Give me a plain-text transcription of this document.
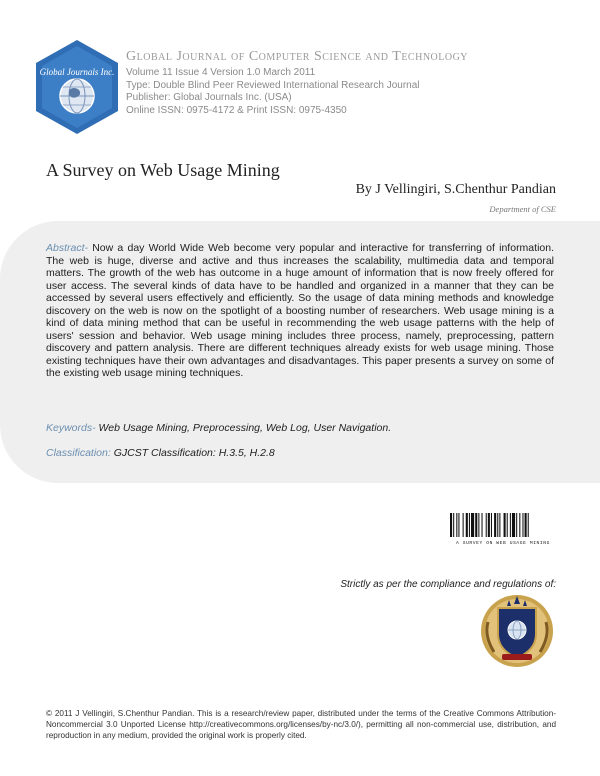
Global Journals Inc.
Global Journal of Computer Science and Technology
Volume 11 Issue 4 Version 1.0 March 2011
Type: Double Blind Peer Reviewed International Research Journal
Publisher: Global Journals Inc. (USA)
Online ISSN: 0975-4172 & Print ISSN: 0975-4350
A Survey on Web Usage Mining
By J Vellingiri, S.Chenthur Pandian
Department of CSE
Abstract- Now a day World Wide Web become very popular and interactive for transferring of information. The web is huge, diverse and active and thus increases the scalability, multimedia data and temporal matters. The growth of the web has outcome in a huge amount of information that is now freely offered for user access. The several kinds of data have to be handled and organized in a manner that they can be accessed by several users effectively and efficiently. So the usage of data mining methods and knowledge discovery on the web is now on the spotlight of a boosting number of researchers. Web usage mining is a kind of data mining method that can be useful in recommending the web usage patterns with the help of users' session and behavior. Web usage mining includes three process, namely, preprocessing, pattern discovery and pattern analysis. There are different techniques already exists for web usage mining. Those existing techniques have their own advantages and disadvantages. This paper presents a survey on some of the existing web usage mining techniques.
Keywords- Web Usage Mining, Preprocessing, Web Log, User Navigation.
Classification: GJCST Classification: H.3.5, H.2.8
A SURVEY ON WEB USAGE MINING
Strictly as per the compliance and regulations of:
© 2011 J Vellingiri, S.Chenthur Pandian. This is a research/review paper, distributed under the terms of the Creative Commons Attribution-Noncommercial 3.0 Unported License http://creativecommons.org/licenses/by-nc/3.0/), permitting all non-commercial use, distribution, and reproduction in any medium, provided the original work is properly cited.
